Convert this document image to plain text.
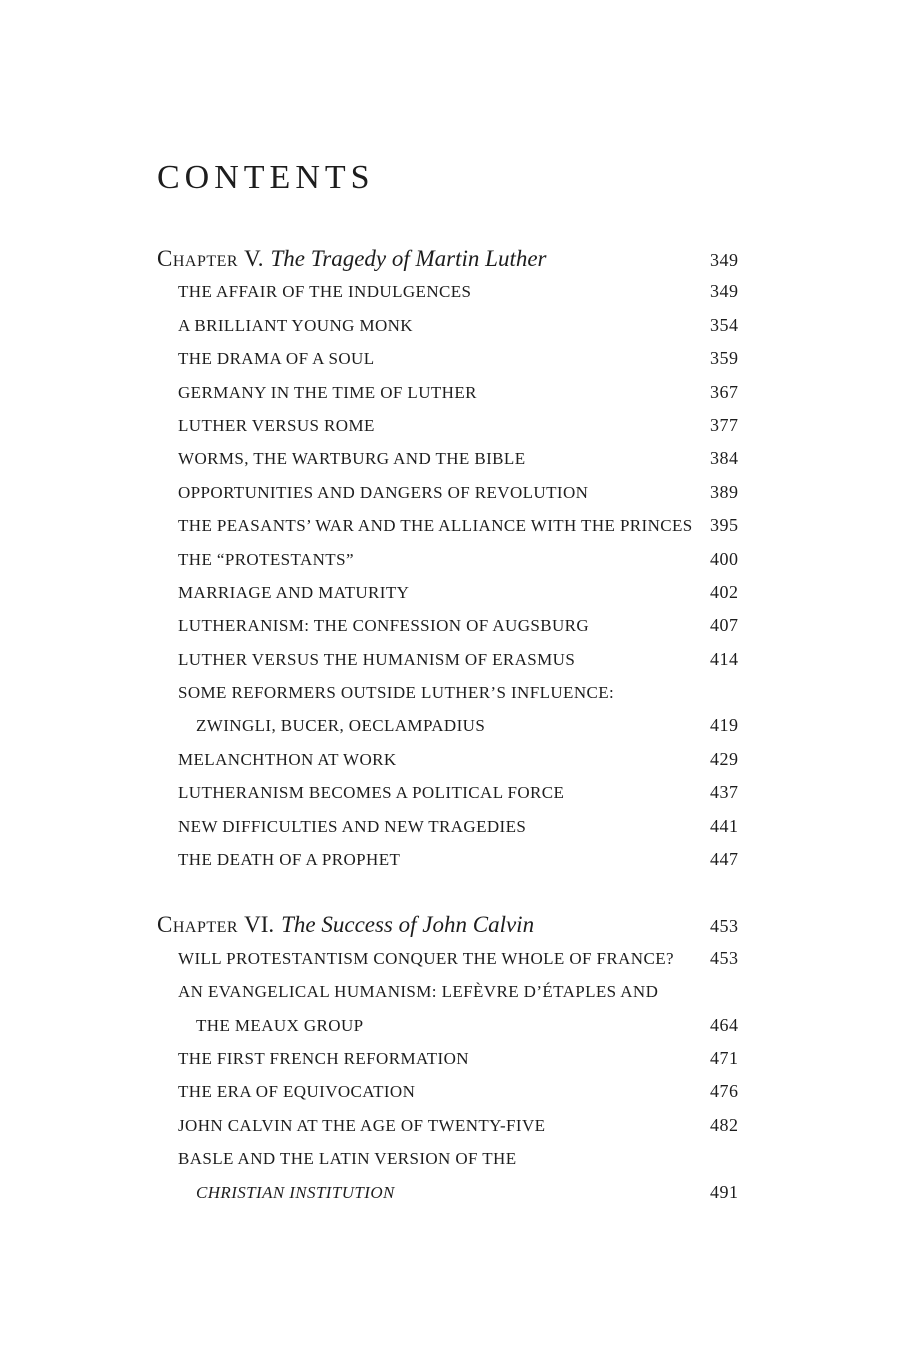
CONTENTS
Chapter V. The Tragedy of Martin Luther	349
THE AFFAIR OF THE INDULGENCES	349
A BRILLIANT YOUNG MONK	354
THE DRAMA OF A SOUL	359
GERMANY IN THE TIME OF LUTHER	367
LUTHER VERSUS ROME	377
WORMS, THE WARTBURG AND THE BIBLE	384
OPPORTUNITIES AND DANGERS OF REVOLUTION	389
THE PEASANTS’ WAR AND THE ALLIANCE WITH THE PRINCES 395
THE “PROTESTANTS”	400
MARRIAGE AND MATURITY	402
LUTHERANISM: THE CONFESSION OF AUGSBURG	407
LUTHER VERSUS THE HUMANISM OF ERASMUS	414
SOME REFORMERS OUTSIDE LUTHER’S INFLUENCE:
ZWINGLI, BUCER, OECLAMPADIUS	419
MELANCHTHON AT WORK	429
LUTHERANISM BECOMES A POLITICAL FORCE	437
NEW DIFFICULTIES AND NEW TRAGEDIES	441
THE DEATH OF A PROPHET	447
Chapter VI. The Success of John Calvin	453
WILL PROTESTANTISM CONQUER THE WHOLE OF FRANCE?	453
AN EVANGELICAL HUMANISM: LEFÈVRE D’ÉTAPLES AND
THE MEAUX GROUP	464
THE FIRST FRENCH REFORMATION	471
THE ERA OF EQUIVOCATION	476
JOHN CALVIN AT THE AGE OF TWENTY-FIVE	482
BASLE AND THE LATIN VERSION OF THE
CHRISTIAN INSTITUTION	491
